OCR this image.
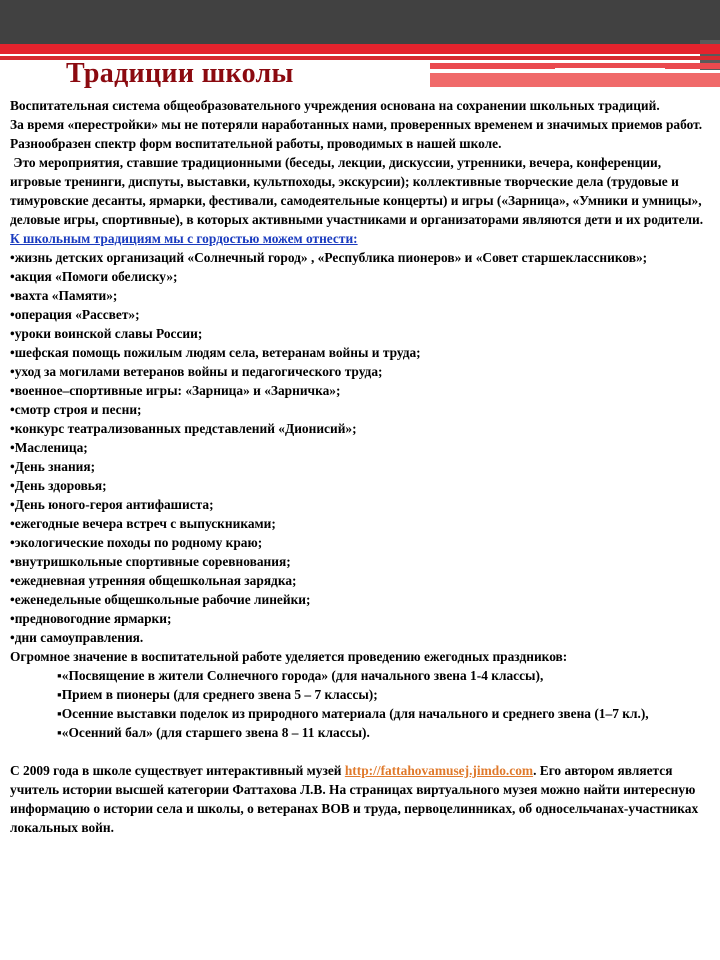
Традиции школы

Воспитательная система общеобразовательного учреждения основана на сохранении школьных традиций.

За время «перестройки» мы не потеряли наработанных нами, проверенных временем и значимых приемов работ.

Разнообразен спектр форм воспитательной работы, проводимых в нашей школе.

Это мероприятия, ставшие традиционными (беседы, лекции, дискуссии, утренники, вечера, конференции, игровые тренинги, диспуты, выставки, культпоходы, экскурсии); коллективные творческие дела (трудовые и тимуровские десанты, ярмарки, фестивали, самодеятельные концерты) и игры («Зарница», «Умники и умницы», деловые игры, спортивные), в которых активными участниками и организаторами являются дети и их родители.

К школьным традициям мы с гордостью можем отнести:

•жизнь детских организаций «Солнечный город» , «Республика пионеров» и «Совет старшеклассников»;

•акция «Помоги обелиску»;

•вахта «Памяти»;

•операция «Рассвет»;

•уроки воинской славы России;

•шефская помощь пожилым людям села, ветеранам войны и труда;

•уход за могилами ветеранов войны и педагогического труда;

•военное–спортивные игры: «Зарница» и «Зарничка»;

•смотр строя и песни;

•конкурс театрализованных представлений «Дионисий»;

•Масленица;

•День знания;

•День здоровья;

•День юного-героя антифашиста;

•ежегодные вечера встреч с выпускниками;

•экологические походы по родному краю;

•внутришкольные спортивные соревнования;

•ежедневная утренняя общешкольная зарядка;

•еженедельные общешкольные рабочие линейки;

•предновогодние ярмарки;

•дни самоуправления.

Огромное значение в воспитательной работе уделяется проведению ежегодных праздников:

▪«Посвящение в жители Солнечного города» (для начального звена 1-4 классы),

▪Прием в пионеры (для среднего звена 5 – 7 классы);

▪Осенние выставки поделок из природного материала (для начального и среднего звена (1–7 кл.),

▪«Осенний бал» (для старшего звена 8 – 11 классы).

С 2009 года в школе существует интерактивный музей http://fattahovamusej.jimdo.com. Его автором является учитель истории высшей категории Фаттахова Л.В. На страницах виртуального музея можно найти интересную информацию о истории села и школы, о ветеранах ВОВ и труда, первоцелинниках, об односельчанах-участниках локальных войн.
